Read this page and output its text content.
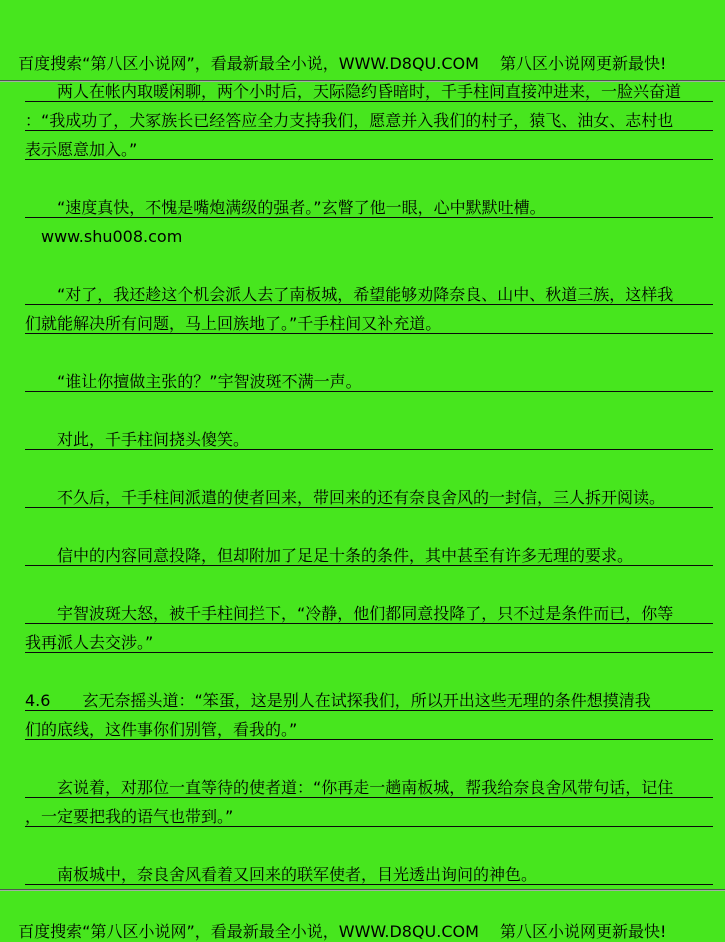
百度搜索“第八区小说网”，看最新最全小说，WWW.D8QU.COM　 第八区小说网更新最快!

　　两人在帐内取暖闲聊，两个小时后，天际隐约昏暗时，千手柱间直接冲进来，一脸兴奋道
：“我成功了，犬冢族长已经答应全力支持我们，愿意并入我们的村子，猿飞、油女、志村也
表示愿意加入。”
　　“速度真快，不愧是嘴炮满级的强者。”玄瞥了他一眼，心中默默吐槽。
　www.shu008.com
　　“对了，我还趁这个机会派人去了南板城，希望能够劝降奈良、山中、秋道三族，这样我
们就能解决所有问题，马上回族地了。”千手柱间又补充道。
　　“谁让你擅做主张的？”宇智波斑不满一声。
　　对此，千手柱间挠头傻笑。
　　不久后，千手柱间派遣的使者回来，带回来的还有奈良舍风的一封信，三人拆开阅读。
　　信中的内容同意投降，但却附加了足足十条的条件，其中甚至有许多无理的要求。
　　宇智波斑大怒，被千手柱间拦下，“冷静，他们都同意投降了，只不过是条件而已，你等
我再派人去交涉。”
4.6　　玄无奈摇头道：“笨蛋，这是别人在试探我们，所以开出这些无理的条件想摸清我
们的底线，这件事你们别管，看我的。”
　　玄说着，对那位一直等待的使者道：“你再走一趟南板城，帮我给奈良舍风带句话，记住
，一定要把我的语气也带到。”
　　南板城中，奈良舍风看着又回来的联军使者，目光透出询问的神色。

百度搜索“第八区小说网”，看最新最全小说，WWW.D8QU.COM　 第八区小说网更新最快!
